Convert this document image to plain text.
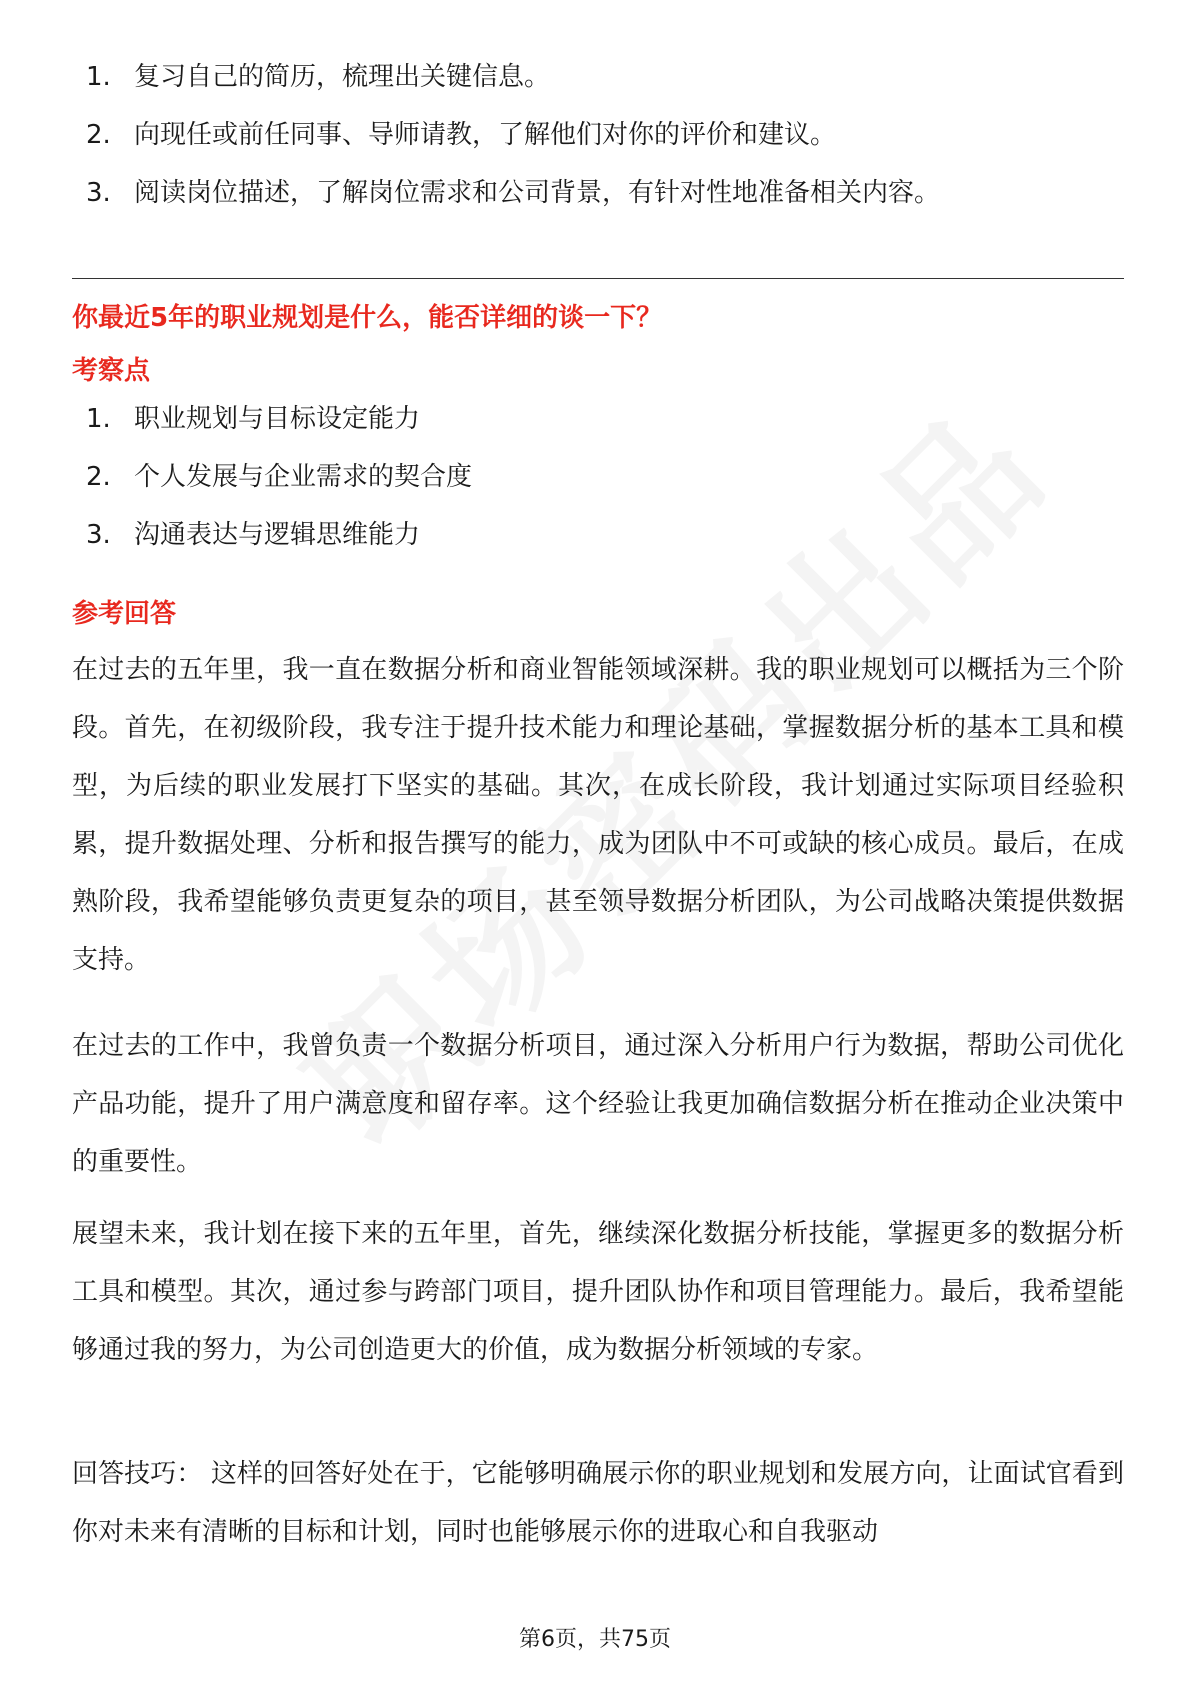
1. 复习自己的简历，梳理出关键信息。
2. 向现任或前任同事、导师请教，了解他们对你的评价和建议。
3. 阅读岗位描述，了解岗位需求和公司背景，有针对性地准备相关内容。
你最近5年的职业规划是什么，能否详细的谈一下？
考察点
1. 职业规划与目标设定能力
2. 个人发展与企业需求的契合度
3. 沟通表达与逻辑思维能力
参考回答

在过去的五年里，我一直在数据分析和商业智能领域深耕。我的职业规划可以概括为三个阶段。首先，在初级阶段，我专注于提升技术能力和理论基础，掌握数据分析的基本工具和模型，为后续的职业发展打下坚实的基础。其次，在成长阶段，我计划通过实际项目经验积累，提升数据处理、分析和报告撰写的能力，成为团队中不可或缺的核心成员。最后，在成熟阶段，我希望能够负责更复杂的项目，甚至领导数据分析团队，为公司战略决策提供数据支持。

在过去的工作中，我曾负责一个数据分析项目，通过深入分析用户行为数据，帮助公司优化产品功能，提升了用户满意度和留存率。这个经验让我更加确信数据分析在推动企业决策中的重要性。

展望未来，我计划在接下来的五年里，首先，继续深化数据分析技能，掌握更多的数据分析工具和模型。其次，通过参与跨部门项目，提升团队协作和项目管理能力。最后，我希望能够通过我的努力，为公司创造更大的价值，成为数据分析领域的专家。

回答技巧： 这样的回答好处在于，它能够明确展示你的职业规划和发展方向，让面试官看到你对未来有清晰的目标和计划，同时也能够展示你的进取心和自我驱动

第6页，共75页
